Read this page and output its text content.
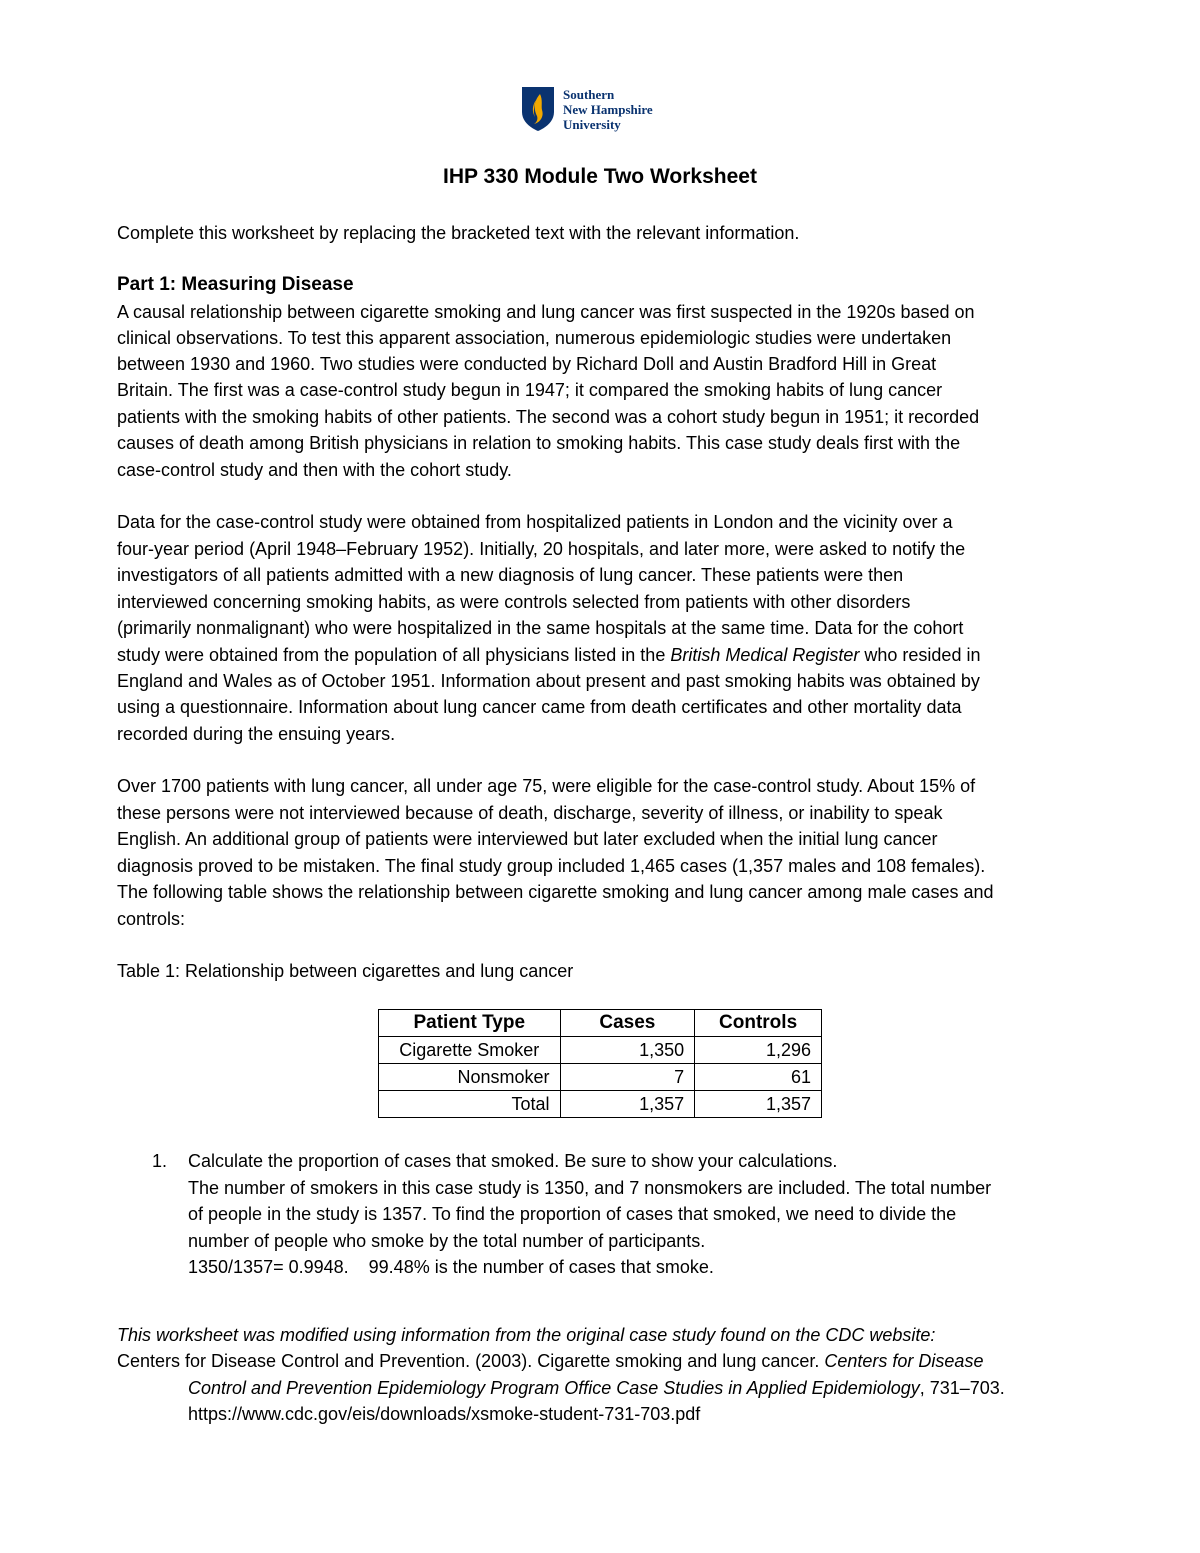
Southern
New Hampshire
University
IHP 330 Module Two Worksheet
Complete this worksheet by replacing the bracketed text with the relevant information.
Part 1: Measuring Disease
A causal relationship between cigarette smoking and lung cancer was first suspected in the 1920s based on
clinical observations. To test this apparent association, numerous epidemiologic studies were undertaken
between 1930 and 1960. Two studies were conducted by Richard Doll and Austin Bradford Hill in Great
Britain. The first was a case-control study begun in 1947; it compared the smoking habits of lung cancer
patients with the smoking habits of other patients. The second was a cohort study begun in 1951; it recorded
causes of death among British physicians in relation to smoking habits. This case study deals first with the
case-control study and then with the cohort study.
Data for the case-control study were obtained from hospitalized patients in London and the vicinity over a
four-year period (April 1948–February 1952). Initially, 20 hospitals, and later more, were asked to notify the
investigators of all patients admitted with a new diagnosis of lung cancer. These patients were then
interviewed concerning smoking habits, as were controls selected from patients with other disorders
(primarily nonmalignant) who were hospitalized in the same hospitals at the same time. Data for the cohort
study were obtained from the population of all physicians listed in the British Medical Register who resided in
England and Wales as of October 1951. Information about present and past smoking habits was obtained by
using a questionnaire. Information about lung cancer came from death certificates and other mortality data
recorded during the ensuing years.
Over 1700 patients with lung cancer, all under age 75, were eligible for the case-control study. About 15% of
these persons were not interviewed because of death, discharge, severity of illness, or inability to speak
English. An additional group of patients were interviewed but later excluded when the initial lung cancer
diagnosis proved to be mistaken. The final study group included 1,465 cases (1,357 males and 108 females).
The following table shows the relationship between cigarette smoking and lung cancer among male cases and
controls:
Table 1: Relationship between cigarettes and lung cancer
Patient Type	Cases	Controls
Cigarette Smoker	1,350	1,296
Nonsmoker	7	61
Total	1,357	1,357
1. Calculate the proportion of cases that smoked. Be sure to show your calculations.
The number of smokers in this case study is 1350, and 7 nonsmokers are included. The total number
of people in the study is 1357. To find the proportion of cases that smoked, we need to divide the
number of people who smoke by the total number of participants.
1350/1357= 0.9948.    99.48% is the number of cases that smoke.
This worksheet was modified using information from the original case study found on the CDC website:
Centers for Disease Control and Prevention. (2003). Cigarette smoking and lung cancer. Centers for Disease
Control and Prevention Epidemiology Program Office Case Studies in Applied Epidemiology, 731–703.
https://www.cdc.gov/eis/downloads/xsmoke-student-731-703.pdf
